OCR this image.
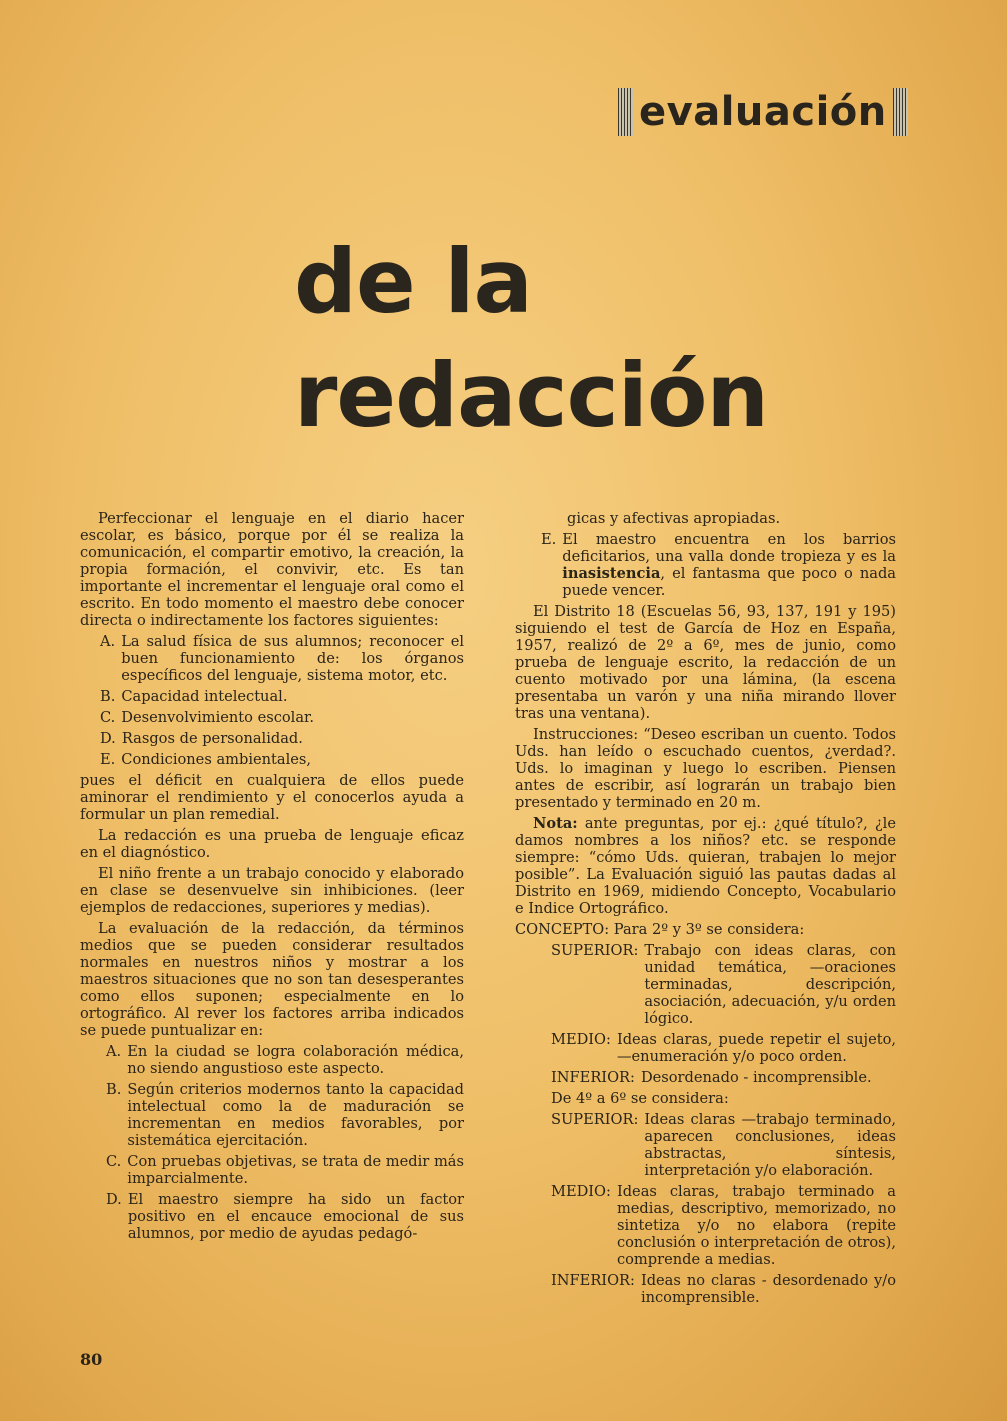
evaluación
de la
redacción

Perfeccionar el lenguaje en el diario hacer escolar, es básico, porque por él se realiza la comunicación, el compartir emotivo, la creación, la propia formación, el convivir, etc. Es tan importante el incrementar el lenguaje oral como el escrito. En todo momento el maestro debe conocer directa o indirectamente los factores siguientes:

A. La salud física de sus alumnos; reconocer el buen funcionamiento de: los órganos específicos del lenguaje, sistema motor, etc.
B. Capacidad intelectual.
C. Desenvolvimiento escolar.
D. Rasgos de personalidad.
E. Condiciones ambientales,

pues el déficit en cualquiera de ellos puede aminorar el rendimiento y el conocerlos ayuda a formular un plan remedial.

La redacción es una prueba de lenguaje eficaz en el diagnóstico.

El niño frente a un trabajo conocido y elaborado en clase se desenvuelve sin inhibiciones. (leer ejemplos de redacciones, superiores y medias).

La evaluación de la redacción, da términos medios que se pueden considerar resultados normales en nuestros niños y mostrar a los maestros situaciones que no son tan desesperantes como ellos suponen; especialmente en lo ortográfico. Al rever los factores arriba indicados se puede puntualizar en:

A. En la ciudad se logra colaboración médica, no siendo angustioso este aspecto.
B. Según criterios modernos tanto la capacidad intelectual como la de maduración se incrementan en medios favorables, por sistemática ejercitación.
C. Con pruebas objetivas, se trata de medir más imparcialmente.
D. El maestro siempre ha sido un factor positivo en el encauce emocional de sus alumnos, por medio de ayudas pedagó-

gicas y afectivas apropiadas.

E. El maestro encuentra en los barrios deficitarios, una valla donde tropieza y es la inasistencia, el fantasma que poco o nada puede vencer.

El Distrito 18 (Escuelas 56, 93, 137, 191 y 195) siguiendo el test de García de Hoz en España, 1957, realizó de 2º a 6º, mes de junio, como prueba de lenguaje escrito, la redacción de un cuento motivado por una lámina, (la escena presentaba un varón y una niña mirando llover tras una ventana).

Instrucciones: “Deseo escriban un cuento. Todos Uds. han leído o escuchado cuentos, ¿verdad?. Uds. lo imaginan y luego lo escriben. Piensen antes de escribir, así lograrán un trabajo bien presentado y terminado en 20 m.

Nota: ante preguntas, por ej.: ¿qué título?, ¿le damos nombres a los niños? etc. se responde siempre: “cómo Uds. quieran, trabajen lo mejor posible”. La Evaluación siguió las pautas dadas al Distrito en 1969, midiendo Concepto, Vocabulario e Indice Ortográfico.

CONCEPTO: Para 2º y 3º se considera:

SUPERIOR: Trabajo con ideas claras, con unidad temática, —oraciones terminadas, descripción, asociación, adecuación, y/u orden lógico.
MEDIO: Ideas claras, puede repetir el sujeto, —enumeración y/o poco orden.
INFERIOR: Desordenado - incomprensible.

De 4º a 6º se considera:

SUPERIOR: Ideas claras —trabajo terminado, aparecen conclusiones, ideas abstractas, síntesis, interpretación y/o elaboración.
MEDIO: Ideas claras, trabajo terminado a medias, descriptivo, memorizado, no sintetiza y/o no elabora (repite conclusión o interpretación de otros), comprende a medias.
INFERIOR: Ideas no claras - desordenado y/o incomprensible.
80
